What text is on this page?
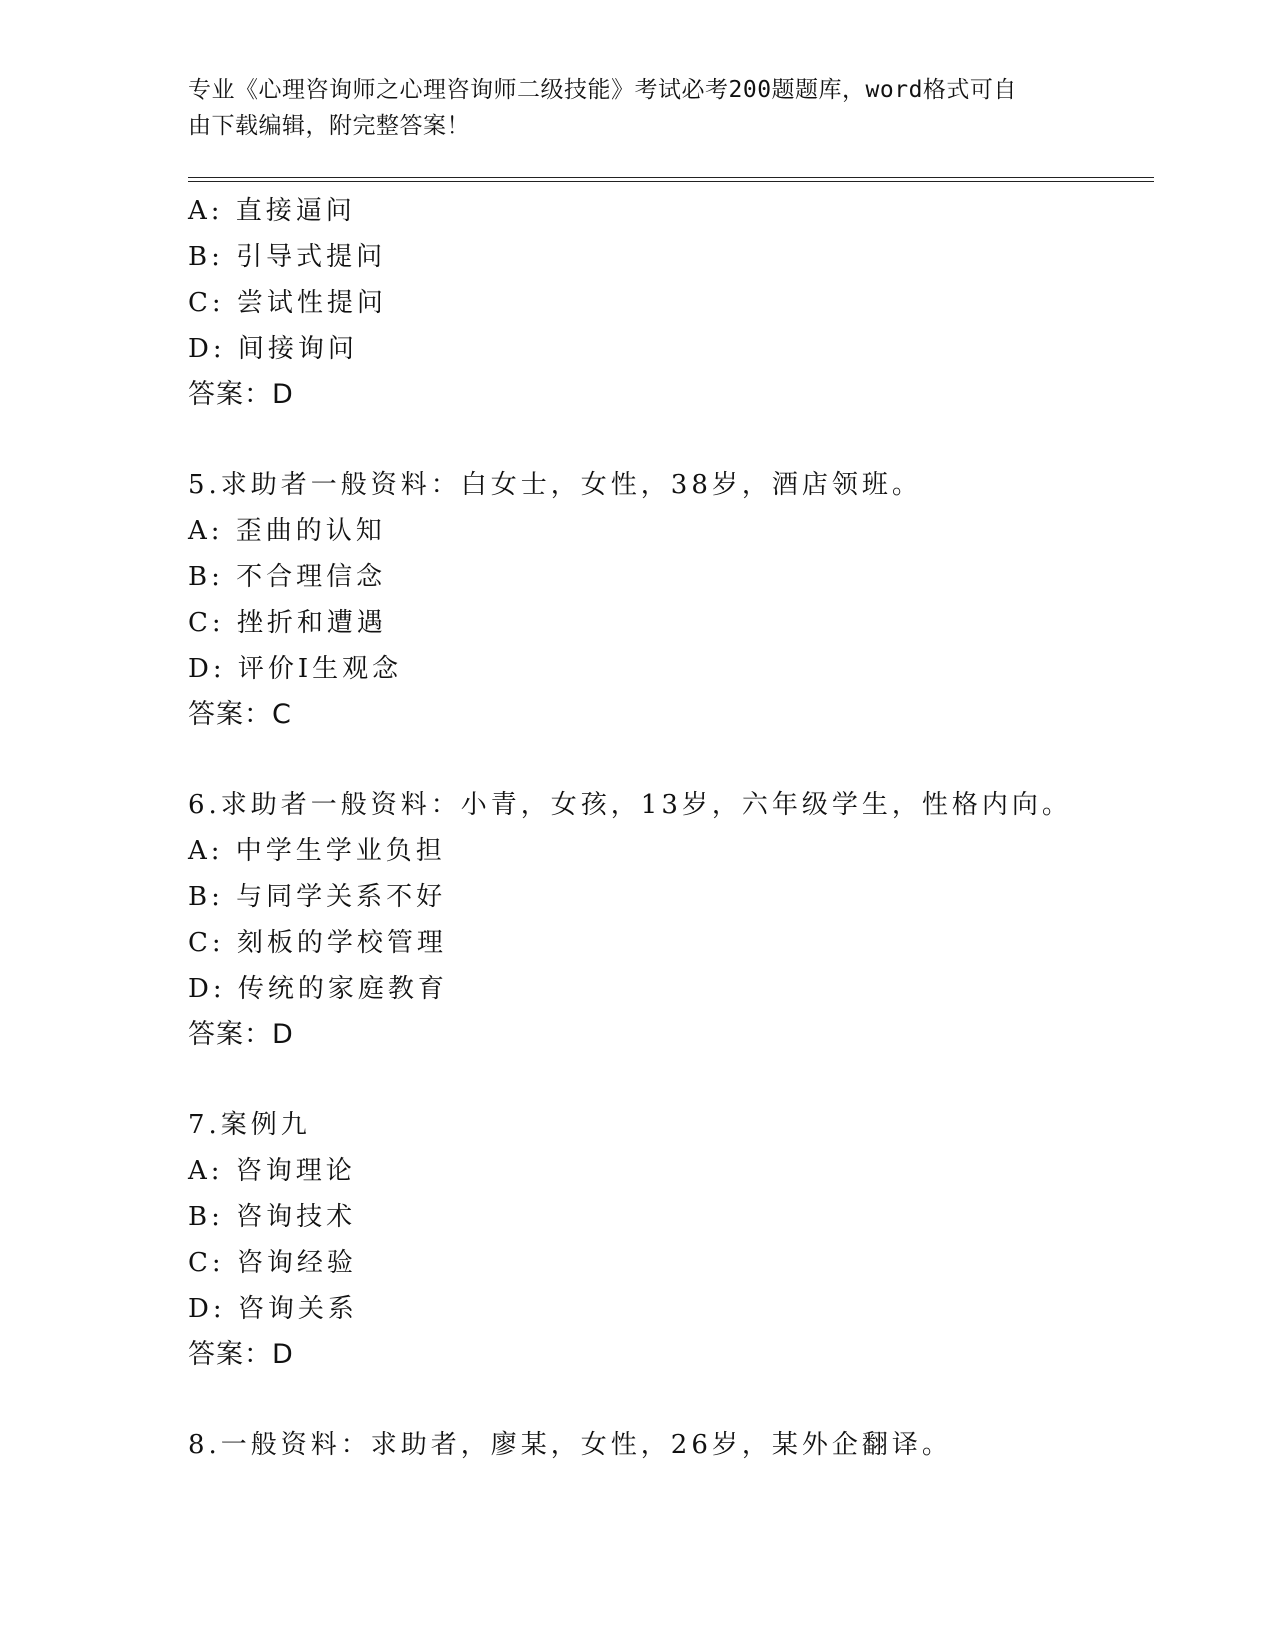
专业《心理咨询师之心理咨询师二级技能》考试必考200题题库，word格式可自
由下载编辑，附完整答案！
A: 直接逼问
B: 引导式提问
C: 尝试性提问
D: 间接询问
答案：D
5.求助者一般资料：白女士，女性，38岁，酒店领班。
A: 歪曲的认知
B: 不合理信念
C: 挫折和遭遇
D: 评价I生观念
答案：C
6.求助者一般资料：小青，女孩，13岁，六年级学生，性格内向。
A: 中学生学业负担
B: 与同学关系不好
C: 刻板的学校管理
D: 传统的家庭教育
答案：D
7.案例九
A: 咨询理论
B: 咨询技术
C: 咨询经验
D: 咨询关系
答案：D
8.一般资料：求助者，廖某，女性，26岁，某外企翻译。
